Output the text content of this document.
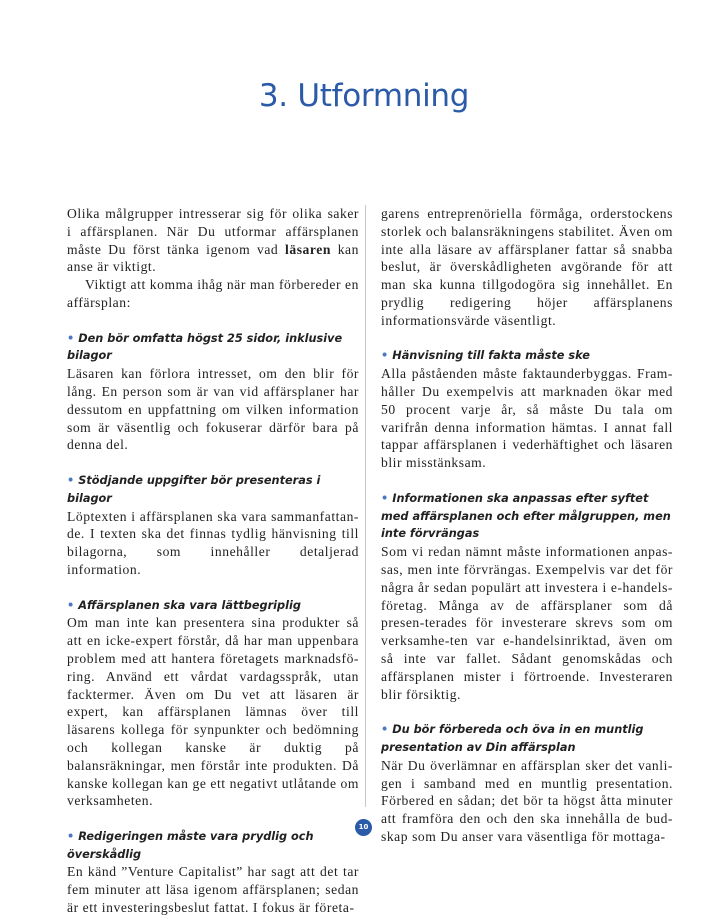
3. Utformning

Olika målgrupper intresserar sig för olika saker i affärsplanen. När Du utformar affärsplanen måste Du först tänka igenom vad läsaren kan anse är viktigt.

Viktigt att komma ihåg när man förbereder en affärsplan:

• Den bör omfatta högst 25 sidor, inklusive bilagor

Läsaren kan förlora intresset, om den blir för lång. En person som är van vid affärsplaner har dessutom en uppfattning om vilken information som är väsentlig och fokuserar därför bara på denna del.

• Stödjande uppgifter bör presenteras i bilagor

Löptexten i affärsplanen ska vara sammanfattan-de. I texten ska det finnas tydlig hänvisning till bilagorna, som innehåller detaljerad information.

• Affärsplanen ska vara lättbegriplig

Om man inte kan presentera sina produkter så att en icke-expert förstår, då har man uppenbara problem med att hantera företagets marknadsfö-ring. Använd ett vårdat vardagsspråk, utan facktermer. Även om Du vet att läsaren är expert, kan affärsplanen lämnas över till läsarens kollega för synpunkter och bedömning och kollegan kanske är duktig på balansräkningar, men förstår inte produkten. Då kanske kollegan kan ge ett negativt utlåtande om verksamheten.

• Redigeringen måste vara prydlig och överskådlig

En känd ”Venture Capitalist” har sagt att det tar fem minuter att läsa igenom affärsplanen; sedan är ett investeringsbeslut fattat. I fokus är företa-

garens entreprenöriella förmåga, orderstockens storlek och balansräkningens stabilitet. Även om inte alla läsare av affärsplaner fattar så snabba beslut, är överskådligheten avgörande för att man ska kunna tillgodogöra sig innehållet. En prydlig redigering höjer affärsplanens informationsvärde väsentligt.

• Hänvisning till fakta måste ske

Alla påståenden måste faktaunderbyggas. Fram-håller Du exempelvis att marknaden ökar med 50 procent varje år, så måste Du tala om varifrån denna information hämtas. I annat fall tappar affärsplanen i vederhäftighet och läsaren blir misstänksam.

• Informationen ska anpassas efter syftet med affärsplanen och efter målgruppen, men inte förvrängas

Som vi redan nämnt måste informationen anpas-sas, men inte förvrängas. Exempelvis var det för några år sedan populärt att investera i e-handels-företag. Många av de affärsplaner som då presen-terades för investerare skrevs som om verksamhe-ten var e-handelsinriktad, även om så inte var fallet. Sådant genomskådas och affärsplanen mister i förtroende. Investeraren blir försiktig.

• Du bör förbereda och öva in en muntlig presentation av Din affärsplan

När Du överlämnar en affärsplan sker det vanli-gen i samband med en muntlig presentation. Förbered en sådan; det bör ta högst åtta minuter att framföra den och den ska innehålla de bud-skap som Du anser vara väsentliga för mottaga-

10
